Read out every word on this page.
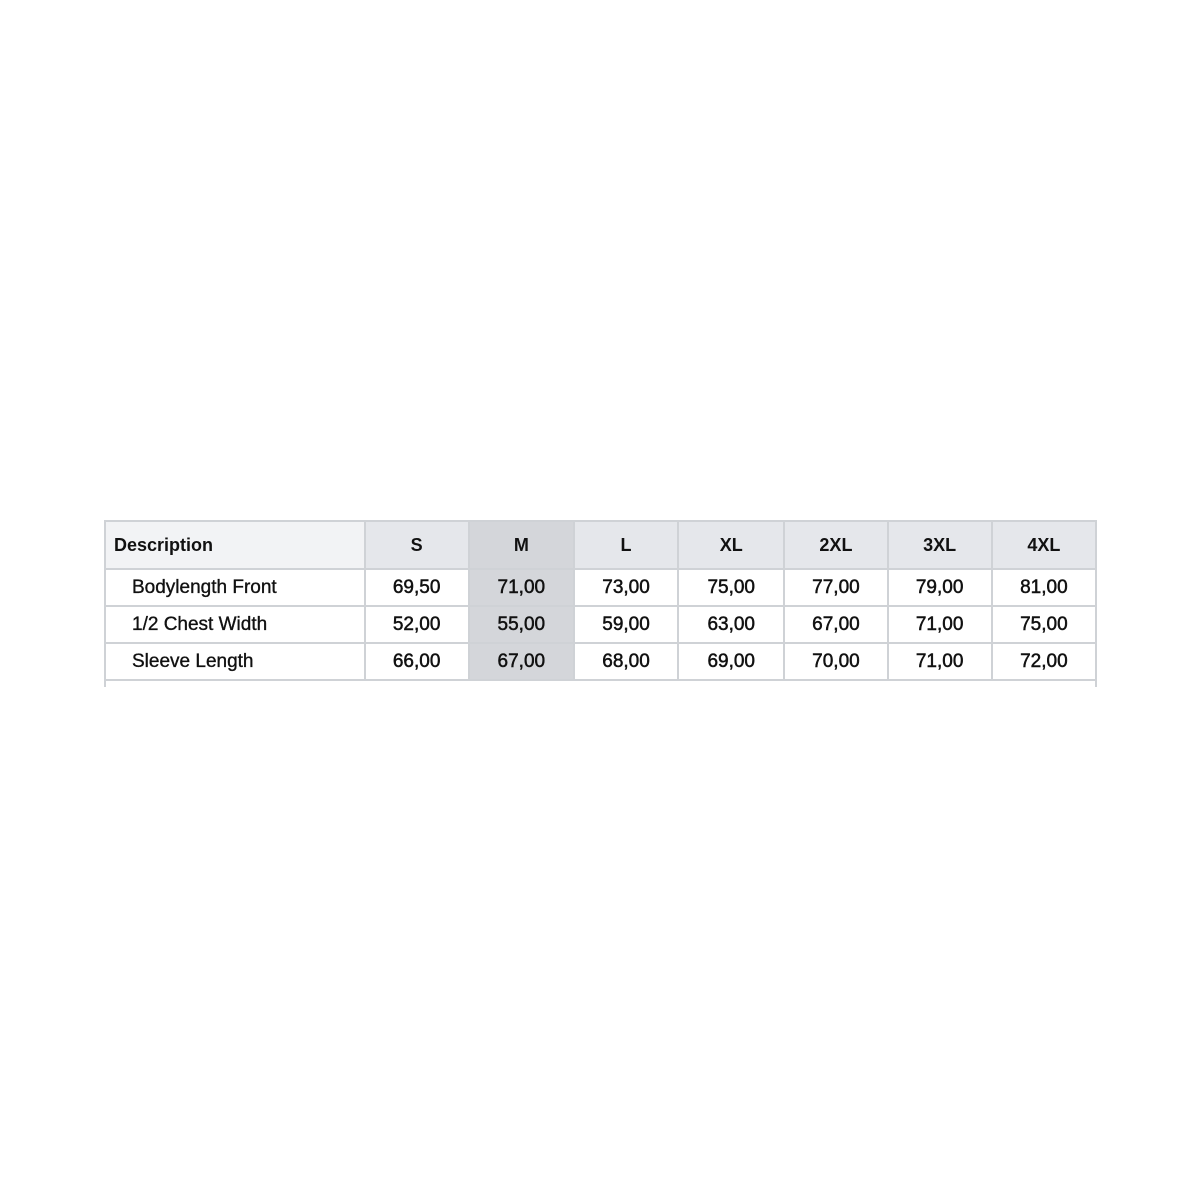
Description	S	M	L	XL	2XL	3XL	4XL
Bodylength Front	69,50	71,00	73,00	75,00	77,00	79,00	81,00
1/2 Chest Width	52,00	55,00	59,00	63,00	67,00	71,00	75,00
Sleeve Length	66,00	67,00	68,00	69,00	70,00	71,00	72,00
